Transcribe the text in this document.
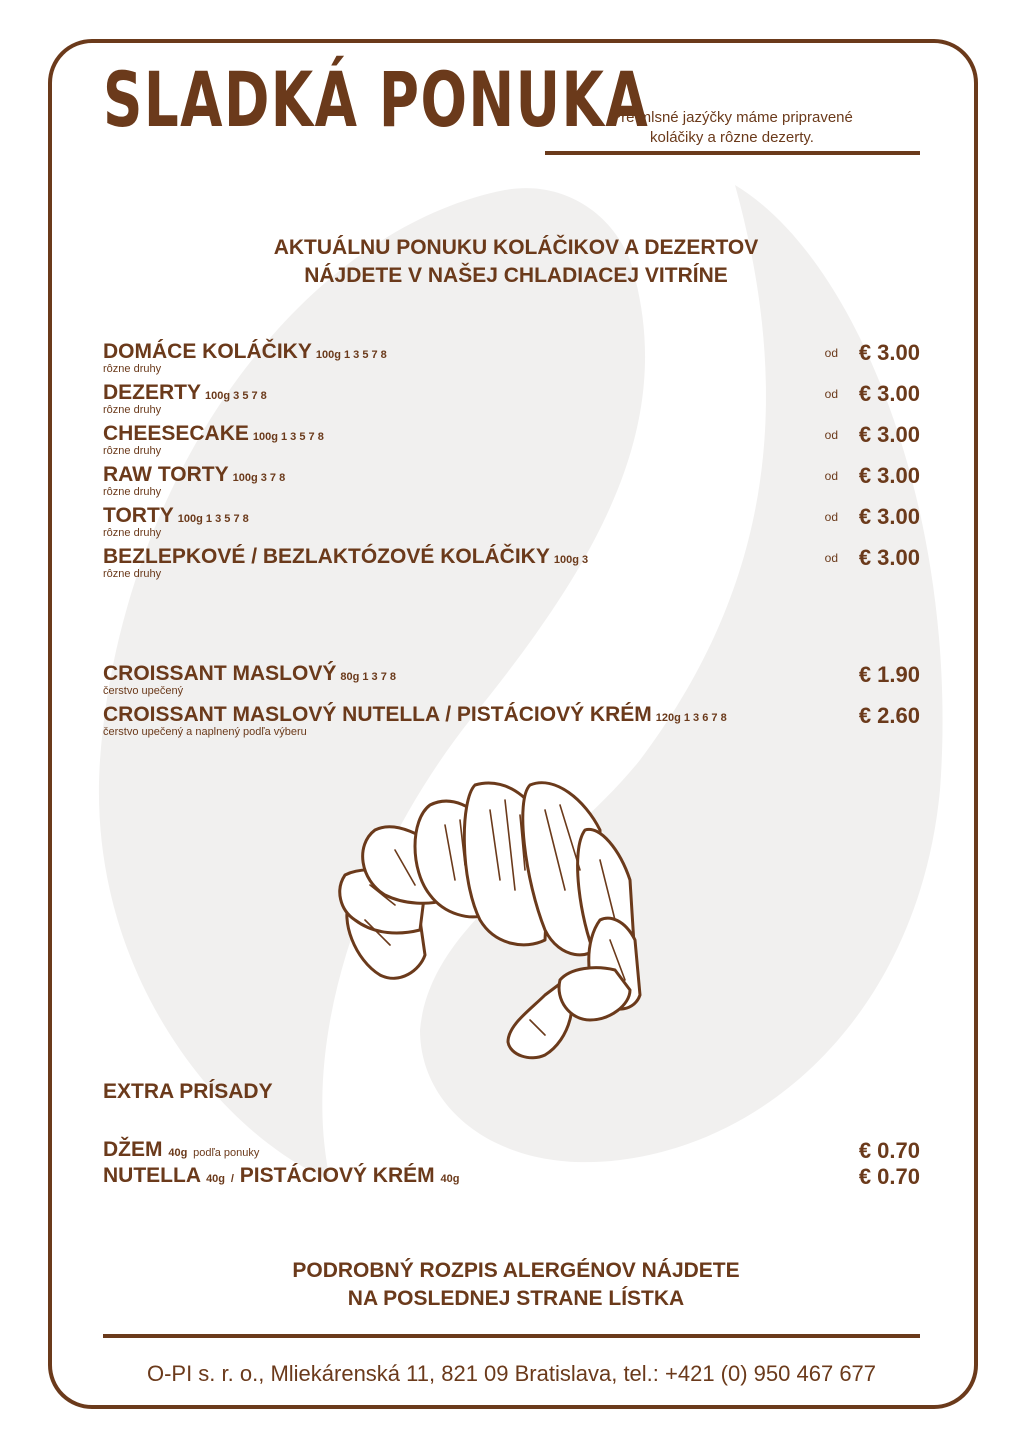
SLADKÁ PONUKA
Pre mlsné jazýčky máme pripravené
koláčiky a rôzne dezerty.
AKTUÁLNU PONUKU KOLÁČIKOV A DEZERTOV
NÁJDETE V NAŠEJ CHLADIACEJ VITRÍNE
DOMÁCE KOLÁČIKY 100g 1 3 5 7 8
rôzne druhy
od € 3.00
DEZERTY 100g 3 5 7 8
rôzne druhy
od € 3.00
CHEESECAKE 100g 1 3 5 7 8
rôzne druhy
od € 3.00
RAW TORTY 100g 3 7 8
rôzne druhy
od € 3.00
TORTY 100g 1 3 5 7 8
rôzne druhy
od € 3.00
BEZLEPKOVÉ / BEZLAKTÓZOVÉ KOLÁČIKY 100g 3
rôzne druhy
od € 3.00
CROISSANT MASLOVÝ 80g 1 3 7 8
čerstvo upečený
€ 1.90
CROISSANT MASLOVÝ NUTELLA / PISTÁCIOVÝ KRÉM 120g 1 3 6 7 8
čerstvo upečený a naplnený podľa výberu
€ 2.60
EXTRA PRÍSADY
DŽEM 40g podľa ponuky	€ 0.70
NUTELLA 40g / PISTÁCIOVÝ KRÉM 40g	€ 0.70
PODROBNÝ ROZPIS ALERGÉNOV NÁJDETE
NA POSLEDNEJ STRANE LÍSTKA
O-PI s. r. o., Mliekárenská 11, 821 09 Bratislava, tel.: +421 (0) 950 467 677
